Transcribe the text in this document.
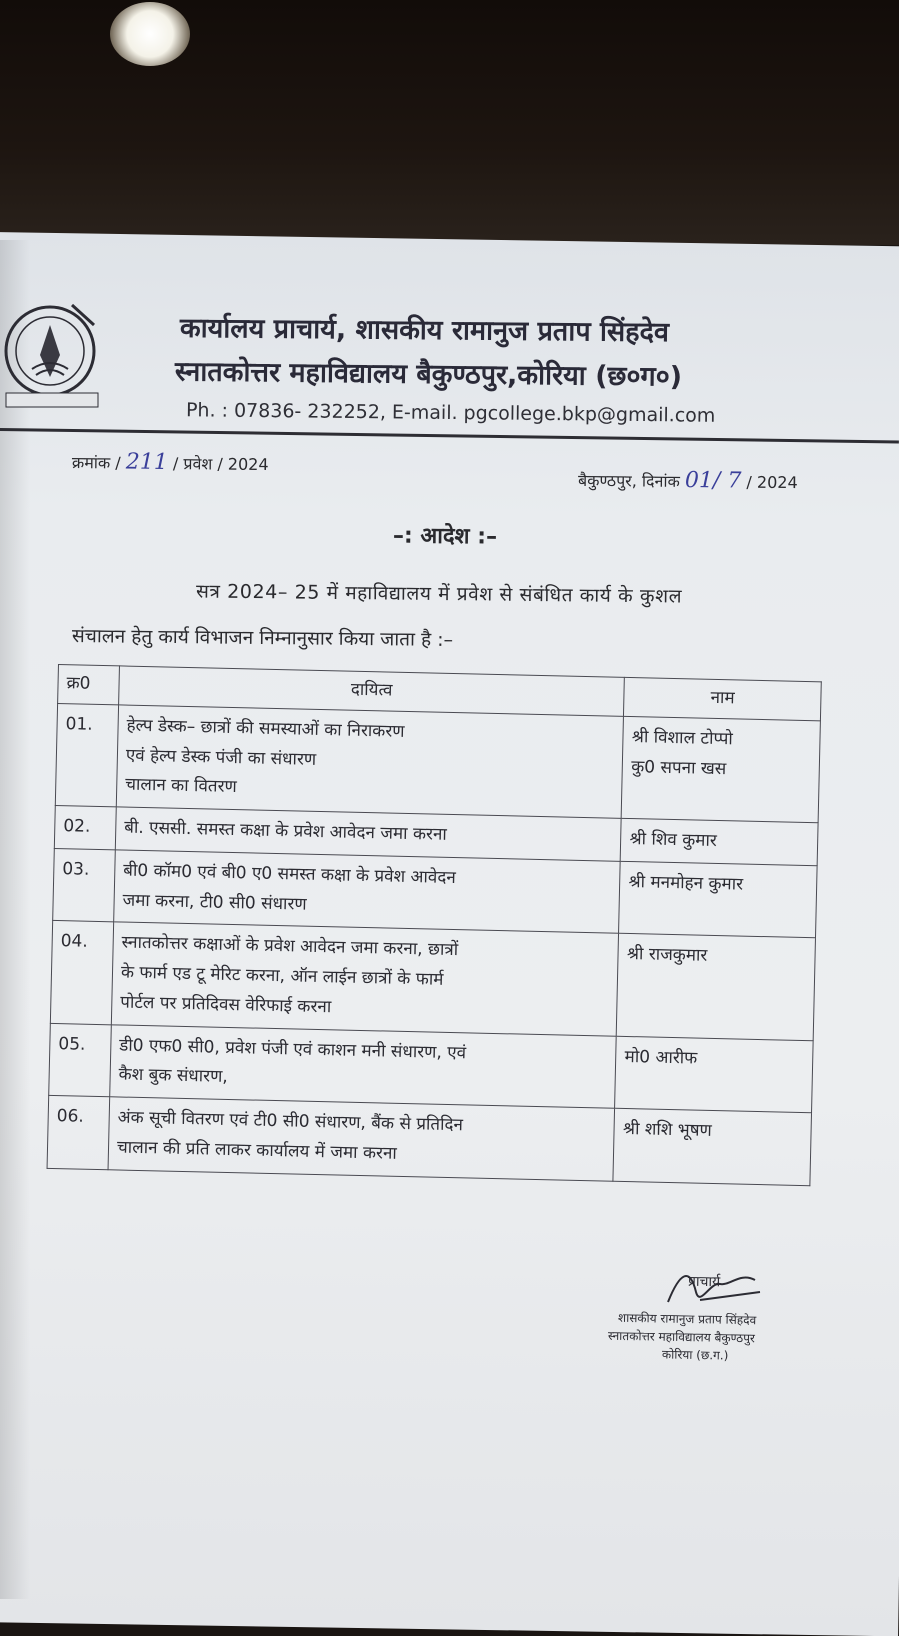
कार्यालय प्राचार्य, शासकीय रामानुज प्रताप सिंहदेव
स्नातकोत्तर महाविद्यालय बैकुण्ठपुर,कोरिया (छ०ग०)
Ph. : 07836- 232252, E-mail. pgcollege.bkp@gmail.com
क्रमांक / 211 / प्रवेश / 2024
बैकुण्ठपुर, दिनांक 01/ 7 / 2024
–: आदेश :–
सत्र 2024– 25 में महाविद्यालय में प्रवेश से संबंधित कार्य के कुशल
संचालन हेतु कार्य विभाजन निम्नानुसार किया जाता है :–
क्र0	दायित्व	नाम
01.	हेल्प डेस्क– छात्रों की समस्याओं का निराकरण
एवं हेल्प डेस्क पंजी का संधारण
चालान का वितरण	श्री विशाल टोप्पो
कु0 सपना खस

02.	बी. एससी. समस्त कक्षा के प्रवेश आवेदन जमा करना	श्री शिव कुमार

03.	बी0 कॉम0 एवं बी0 ए0 समस्त कक्षा के प्रवेश आवेदन
जमा करना, टी0 सी0 संधारण	श्री मनमोहन कुमार

04.	स्नातकोत्तर कक्षाओं के प्रवेश आवेदन जमा करना, छात्रों
के फार्म एड टू मेरिट करना, ऑन लाईन छात्रों के फार्म
पोर्टल पर प्रतिदिवस वेरिफाई करना	श्री राजकुमार

05.	डी0 एफ0 सी0, प्रवेश पंजी एवं काशन मनी संधारण, एवं
कैश बुक संधारण,	मो0 आरीफ

06.	अंक सूची वितरण एवं टी0 सी0 संधारण, बैंक से प्रतिदिन
चालान की प्रति लाकर कार्यालय में जमा करना	श्री शशि भूषण
प्राचार्य
शासकीय रामानुज प्रताप सिंहदेव
स्नातकोत्तर महाविद्यालय बैकुण्ठपुर
कोरिया (छ.ग.)
